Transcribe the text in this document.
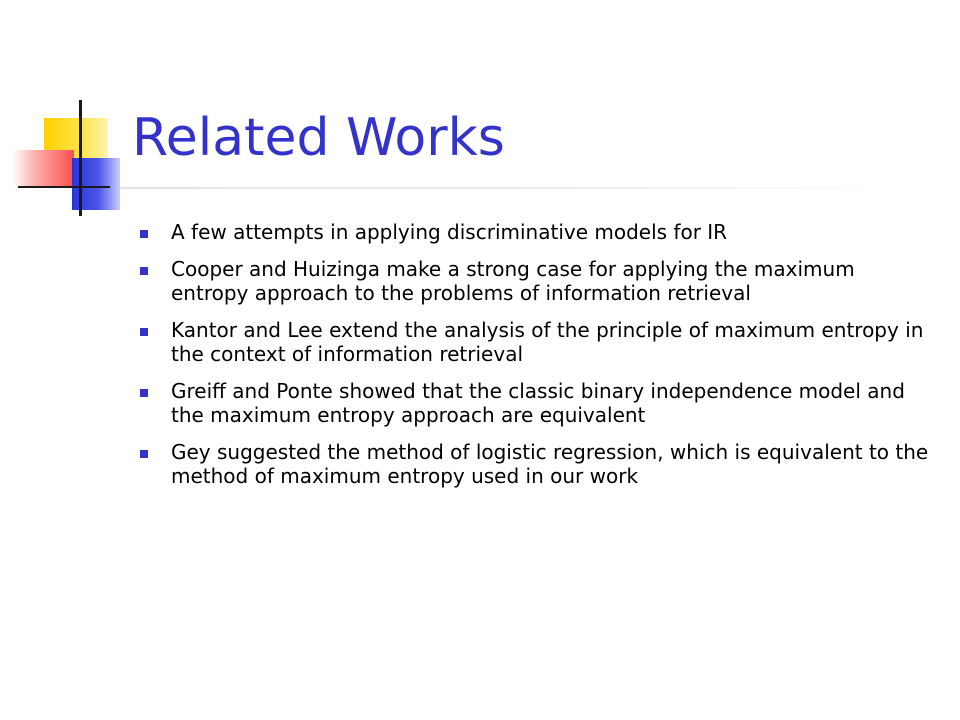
Related Works
A few attempts in applying discriminative models for IR
Cooper and Huizinga make a strong case for applying the maximum entropy approach to the problems of information retrieval
Kantor and Lee extend the analysis of the principle of maximum entropy in the context of information retrieval
Greiff and Ponte showed that the classic binary independence model and the maximum entropy approach are equivalent
Gey suggested the method of logistic regression, which is equivalent to the method of maximum entropy used in our work
